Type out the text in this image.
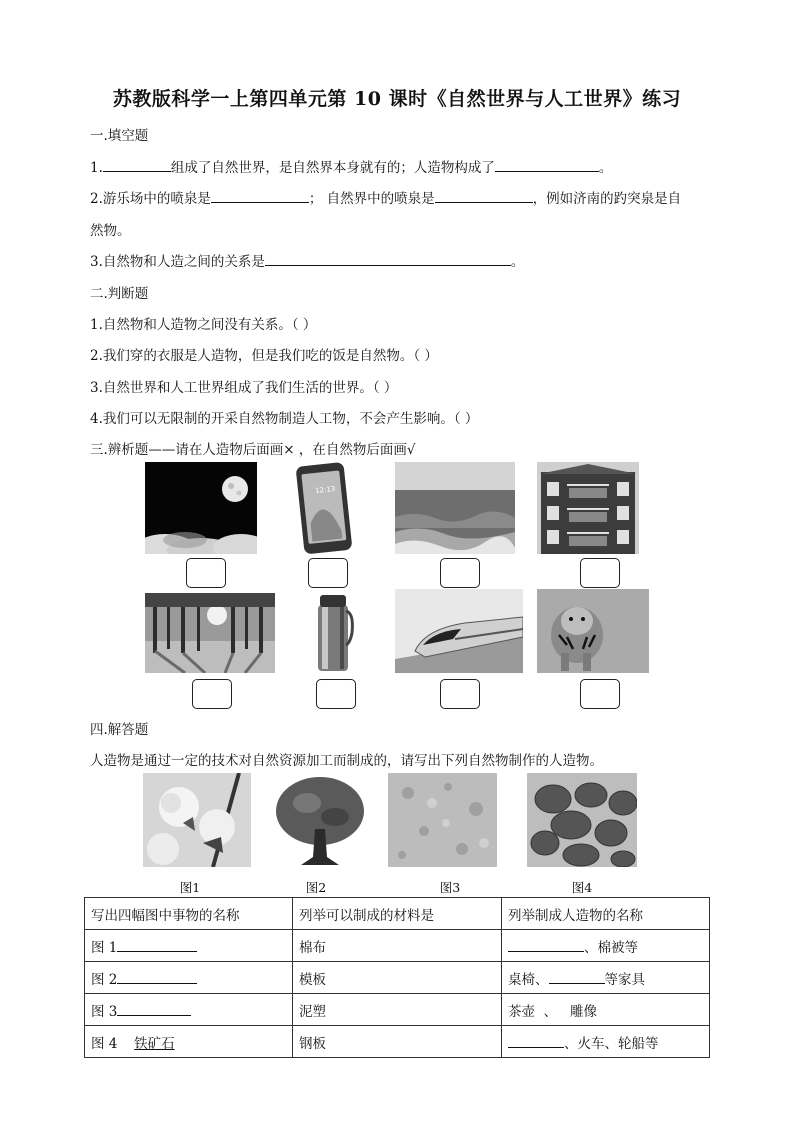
苏教版科学一上第四单元第 10 课时《自然世界与人工世界》练习
一.填空题
1.	组成了自然世界，是自然界本身就有的；人造物构成了	。
2.游乐场中的喷泉是	； 自然界中的喷泉是	，例如济南的趵突泉是自
然物。
3.自然物和人造之间的关系是	。
二.判断题
1.自然物和人造物之间没有关系。（ ）
2.我们穿的衣服是人造物，但是我们吃的饭是自然物。（ ）
3.自然世界和人工世界组成了我们生活的世界。（ ）
4.我们可以无限制的开采自然物制造人工物，不会产生影响。（ ）
三.辨析题——请在人造物后面画× ，在自然物后面画√
12:13
四.解答题
人造物是通过一定的技术对自然资源加工而制成的，请写出下列自然物制作的人造物。
图1	图2	图3	图4
写出四幅图中事物的名称	列举可以制成的材料是	列举制成人造物的名称
图 1	棉布	、棉被等
图 2	模板	桌椅、 等家具
图 3	泥塑	茶壶  、   雕像
图 4 铁矿石	钢板	、火车、轮船等
